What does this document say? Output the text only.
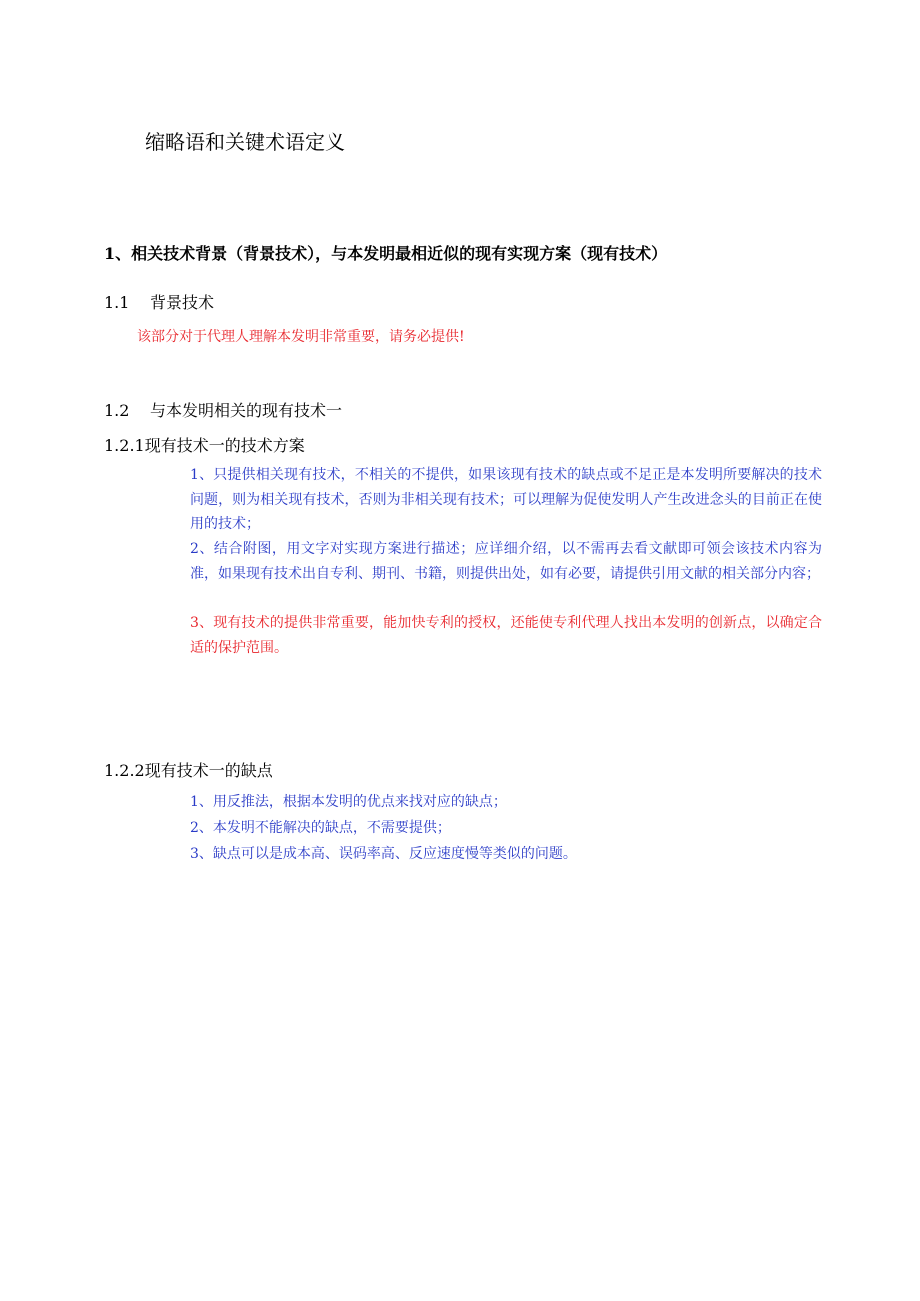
缩略语和关键术语定义
1、相关技术背景（背景技术），与本发明最相近似的现有实现方案（现有技术）
1.1 背景技术
该部分对于代理人理解本发明非常重要，请务必提供!
1.2 与本发明相关的现有技术一
1.2.1现有技术一的技术方案
1、只提供相关现有技术，不相关的不提供，如果该现有技术的缺点或不足正是本发明所要解决的技术问题，则为相关现有技术，否则为非相关现有技术；可以理解为促使发明人产生改进念头的目前正在使用的技术；
2、结合附图，用文字对实现方案进行描述；应详细介绍，以不需再去看文献即可领会该技术内容为准，如果现有技术出自专利、期刊、书籍，则提供出处，如有必要，请提供引用文献的相关部分内容；
3、现有技术的提供非常重要，能加快专利的授权，还能使专利代理人找出本发明的创新点，以确定合适的保护范围。
1.2.2现有技术一的缺点
1、用反推法，根据本发明的优点来找对应的缺点；
2、本发明不能解决的缺点，不需要提供；
3、缺点可以是成本高、误码率高、反应速度慢等类似的问题。
